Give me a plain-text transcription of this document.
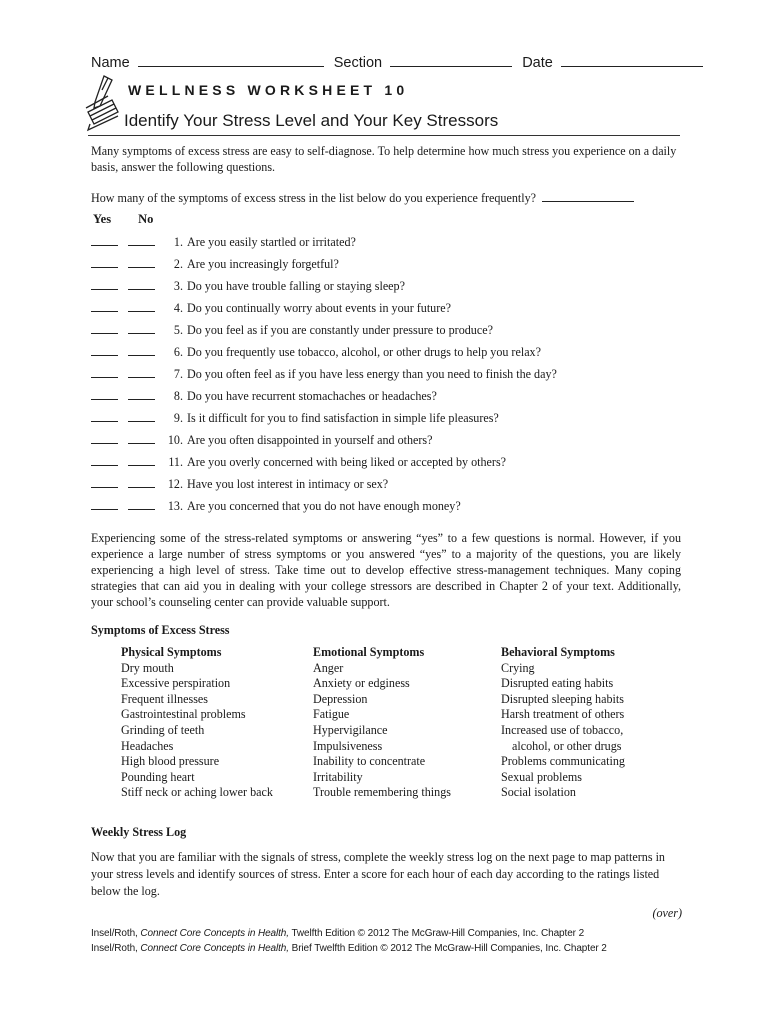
Name	Section	Date
WELLNESS WORKSHEET 10
Identify Your Stress Level and Your Key Stressors
Many symptoms of excess stress are easy to self-diagnose. To help determine how much stress you experience on a daily basis, answer the following questions.
How many of the symptoms of excess stress in the list below do you experience frequently?
Yes No
1. Are you easily startled or irritated?
2. Are you increasingly forgetful?
3. Do you have trouble falling or staying sleep?
4. Do you continually worry about events in your future?
5. Do you feel as if you are constantly under pressure to produce?
6. Do you frequently use tobacco, alcohol, or other drugs to help you relax?
7. Do you often feel as if you have less energy than you need to finish the day?
8. Do you have recurrent stomachaches or headaches?
9. Is it difficult for you to find satisfaction in simple life pleasures?
10. Are you often disappointed in yourself and others?
11. Are you overly concerned with being liked or accepted by others?
12. Have you lost interest in intimacy or sex?
13. Are you concerned that you do not have enough money?
Experiencing some of the stress-related symptoms or answering “yes” to a few questions is normal. However, if you experience a large number of stress symptoms or you answered “yes” to a majority of the questions, you are likely experiencing a high level of stress. Take time out to develop effective stress-management techniques. Many coping strategies that can aid you in dealing with your college stressors are described in Chapter 2 of your text. Additionally, your school’s counseling center can provide valuable support.
Symptoms of Excess Stress
Physical Symptoms
Dry mouth
Excessive perspiration
Frequent illnesses
Gastrointestinal problems
Grinding of teeth
Headaches
High blood pressure
Pounding heart
Stiff neck or aching lower back
Emotional Symptoms
Anger
Anxiety or edginess
Depression
Fatigue
Hypervigilance
Impulsiveness
Inability to concentrate
Irritability
Trouble remembering things
Behavioral Symptoms
Crying
Disrupted eating habits
Disrupted sleeping habits
Harsh treatment of others
Increased use of tobacco,
alcohol, or other drugs
Problems communicating
Sexual problems
Social isolation
Weekly Stress Log
Now that you are familiar with the signals of stress, complete the weekly stress log on the next page to map patterns in your stress levels and identify sources of stress. Enter a score for each hour of each day according to the ratings listed below the log.
(over)
Insel/Roth, Connect Core Concepts in Health, Twelfth Edition © 2012 The McGraw-Hill Companies, Inc. Chapter 2
Insel/Roth, Connect Core Concepts in Health, Brief Twelfth Edition © 2012 The McGraw-Hill Companies, Inc. Chapter 2
